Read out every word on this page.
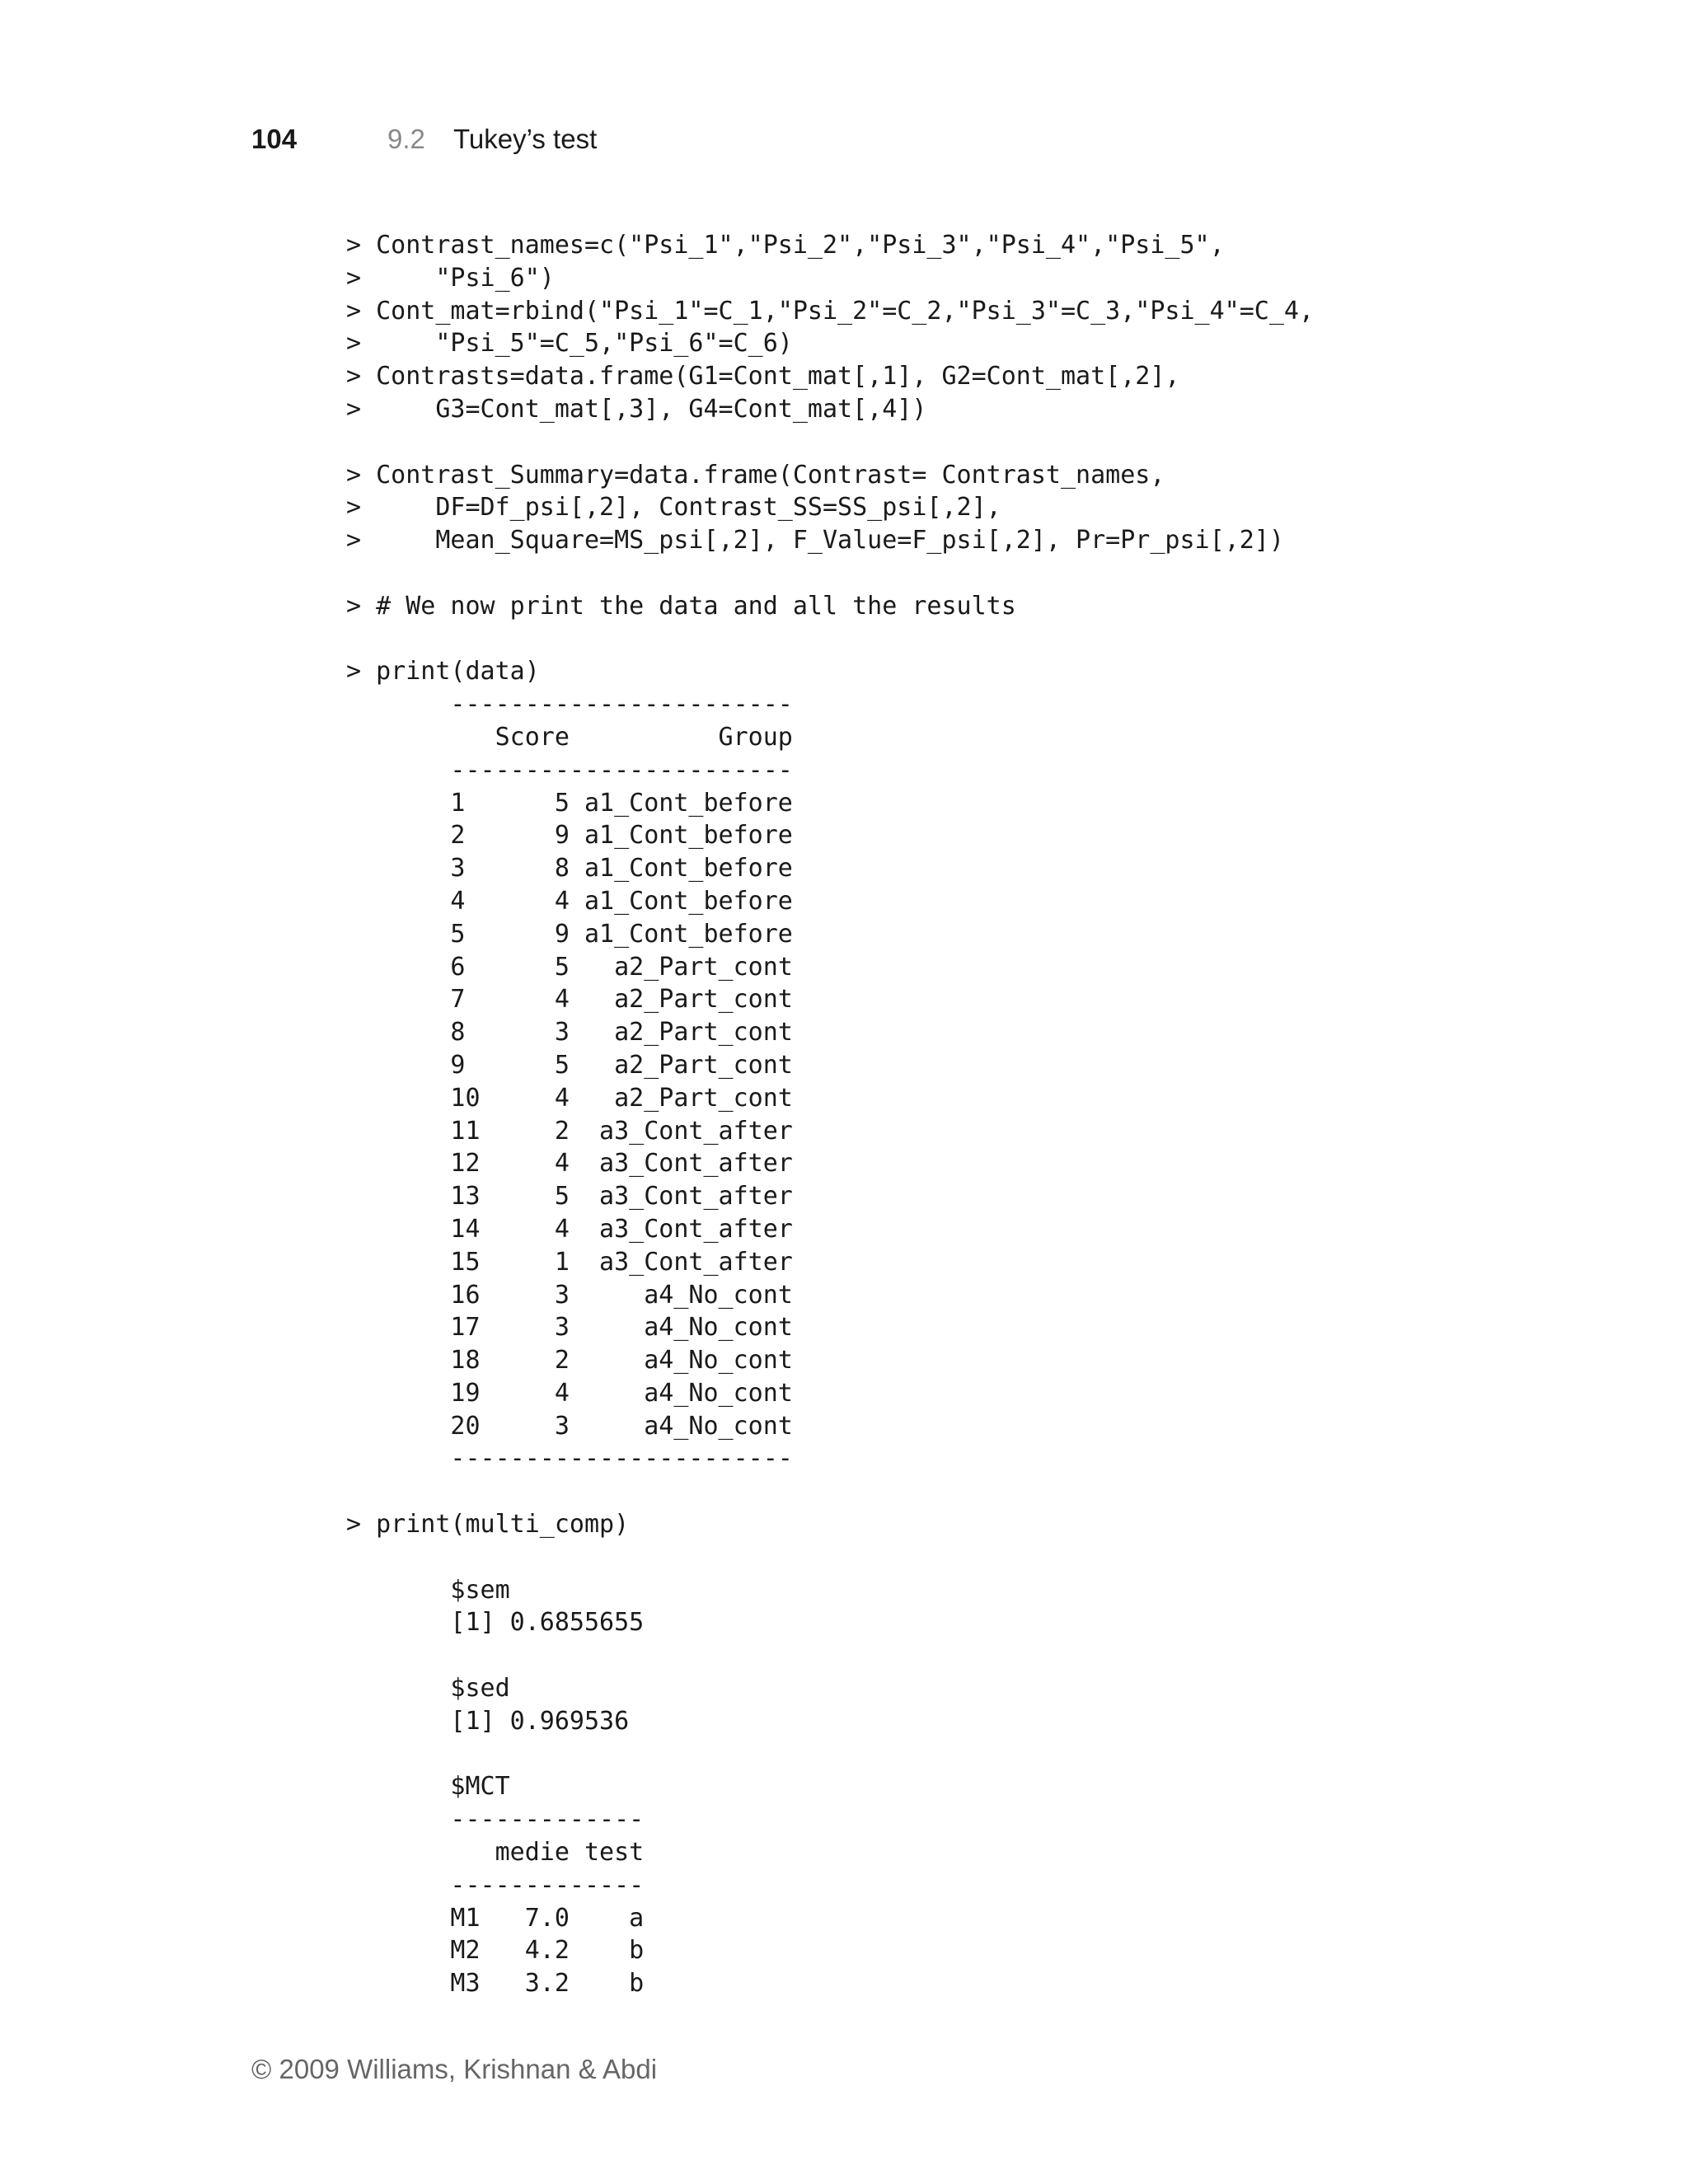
104	9.2 Tukey’s test
> Contrast_names=c("Psi_1","Psi_2","Psi_3","Psi_4","Psi_5",
>     "Psi_6")
> Cont_mat=rbind("Psi_1"=C_1,"Psi_2"=C_2,"Psi_3"=C_3,"Psi_4"=C_4,
>     "Psi_5"=C_5,"Psi_6"=C_6)
> Contrasts=data.frame(G1=Cont_mat[,1], G2=Cont_mat[,2],
>     G3=Cont_mat[,3], G4=Cont_mat[,4])
> Contrast_Summary=data.frame(Contrast= Contrast_names,
>     DF=Df_psi[,2], Contrast_SS=SS_psi[,2],
>     Mean_Square=MS_psi[,2], F_Value=F_psi[,2], Pr=Pr_psi[,2])
> # We now print the data and all the results
> print(data)
-----------------------
Score          Group
-----------------------
1      5 a1_Cont_before
2      9 a1_Cont_before
3      8 a1_Cont_before
4      4 a1_Cont_before
5      9 a1_Cont_before
6      5   a2_Part_cont
7      4   a2_Part_cont
8      3   a2_Part_cont
9      5   a2_Part_cont
10     4   a2_Part_cont
11     2  a3_Cont_after
12     4  a3_Cont_after
13     5  a3_Cont_after
14     4  a3_Cont_after
15     1  a3_Cont_after
16     3     a4_No_cont
17     3     a4_No_cont
18     2     a4_No_cont
19     4     a4_No_cont
20     3     a4_No_cont
-----------------------
> print(multi_comp)
$sem
[1] 0.6855655
$sed
[1] 0.969536
$MCT
-------------
medie test
-------------
M1   7.0    a
M2   4.2    b
M3   3.2    b
© 2009 Williams, Krishnan & Abdi
